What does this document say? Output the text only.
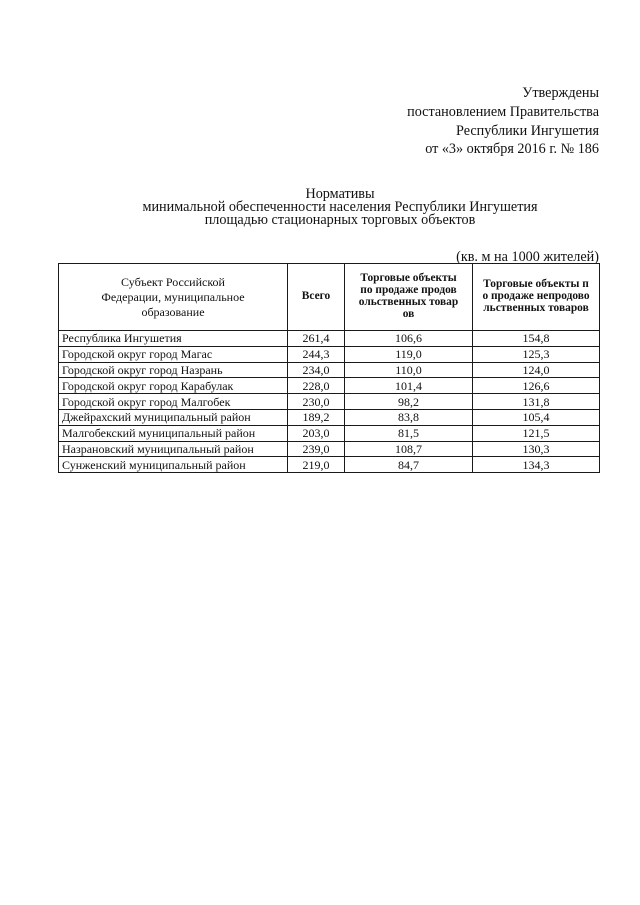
Утверждены
постановлением Правительства
Республики Ингушетия
от «3» октября 2016 г. № 186
Нормативы
минимальной обеспеченности населения Республики Ингушетия
площадью стационарных торговых объектов
(кв. м на 1000 жителей)
Субъект Российской Федерации, муниципальное образование	Всего	Торговые объекты по продаже продовольственных товаров	Торговые объекты по продаже непродовольственных товаров

Республика Ингушетия	261,4	106,6	154,8
Городской округ город Магас	244,3	119,0	125,3
Городской округ город Назрань	234,0	110,0	124,0
Городской округ город Карабулак	228,0	101,4	126,6
Городской округ город Малгобек	230,0	98,2	131,8
Джейрахский муниципальный район	189,2	83,8	105,4
Малгобекский муниципальный район	203,0	81,5	121,5
Назрановский муниципальный район	239,0	108,7	130,3
Сунженский муниципальный район	219,0	84,7	134,3
